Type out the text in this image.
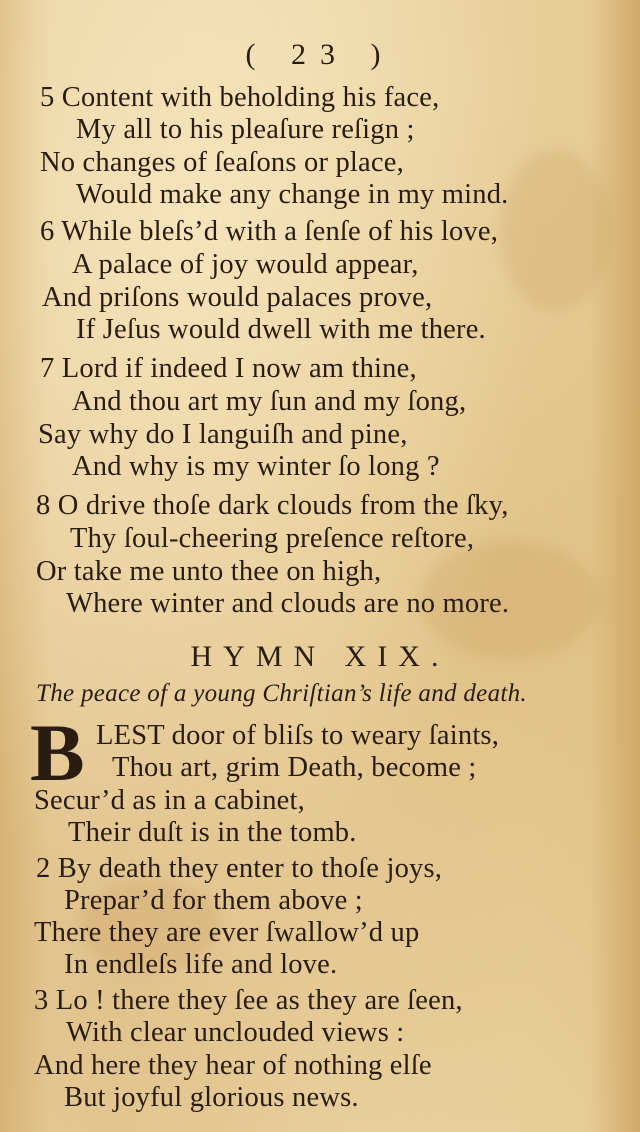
( 23 )
5 Content with beholding his face,
My all to his pleaſure reſign ;
No changes of ſeaſons or place,
Would make any change in my mind.
6 While bleſs’d with a ſenſe of his love,
A palace of joy would appear,
And priſons would palaces prove,
If Jeſus would dwell with me there.
7 Lord if indeed I now am thine,
And thou art my ſun and my ſong,
Say why do I languiſh and pine,
And why is my winter ſo long ?
8 O drive thoſe dark clouds from the ſky,
Thy ſoul-cheering preſence reſtore,
Or take me unto thee on high,
Where winter and clouds are no more.
HYMN XIX.
The peace of a young Chriſtian’s life and death.
B LEST door of bliſs to weary ſaints,
Thou art, grim Death, become ;
Secur’d as in a cabinet,
Their duſt is in the tomb.
2 By death they enter to thoſe joys,
Prepar’d for them above ;
There they are ever ſwallow’d up
In endleſs life and love.
3 Lo ! there they ſee as they are ſeen,
With clear unclouded views :
And here they hear of nothing elſe
But joyful glorious news.
